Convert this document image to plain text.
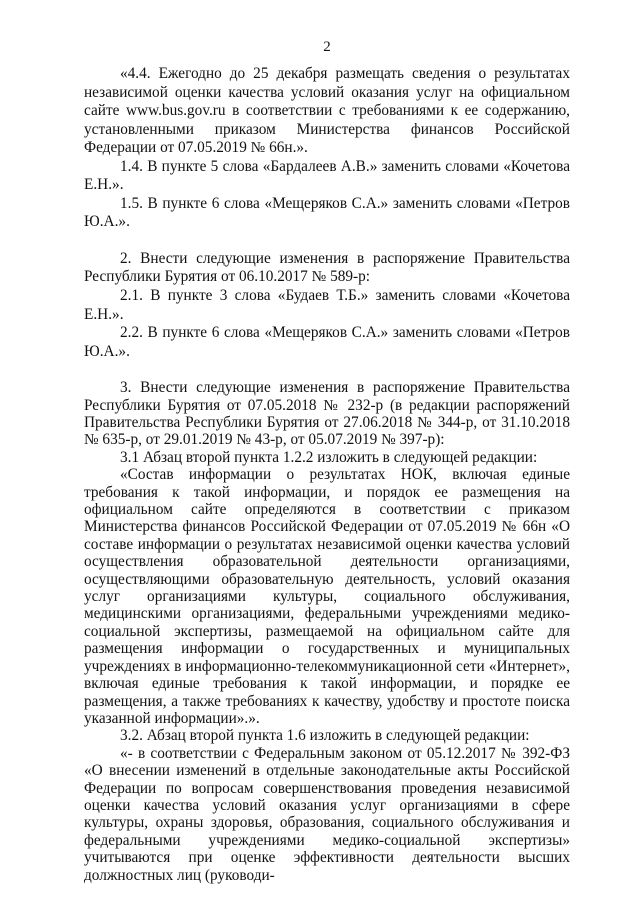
2

«4.4. Ежегодно до 25 декабря размещать сведения о результатах независимой оценки качества условий оказания услуг на официальном сайте www.bus.gov.ru в соответствии с требованиями к ее содержанию, установленными приказом Министерства финансов Российской Федерации от 07.05.2019 № 66н.».

1.4. В пункте 5 слова «Бардалеев А.В.» заменить словами «Кочетова Е.Н.».

1.5. В пункте 6 слова «Мещеряков С.А.» заменить словами «Петров Ю.А.».

2. Внести следующие изменения в распоряжение Правительства Республики Бурятия от 06.10.2017 № 589-р:

2.1. В пункте 3 слова «Будаев Т.Б.» заменить словами «Кочетова Е.Н.».

2.2. В пункте 6 слова «Мещеряков С.А.» заменить словами «Петров Ю.А.».

3. Внести следующие изменения в распоряжение Правительства Республики Бурятия от 07.05.2018 № 232-р (в редакции распоряжений Правительства Республики Бурятия от 27.06.2018 № 344-р, от 31.10.2018 № 635-р, от 29.01.2019 № 43-р, от 05.07.2019 № 397-р):

3.1 Абзац второй пункта 1.2.2 изложить в следующей редакции:

«Состав информации о результатах НОК, включая единые требования к такой информации, и порядок ее размещения на официальном сайте определяются в соответствии с приказом Министерства финансов Российской Федерации от 07.05.2019 № 66н «О составе информации о результатах независимой оценки качества условий осуществления образовательной деятельности организациями, осуществляющими образовательную деятельность, условий оказания услуг организациями культуры, социального обслуживания, медицинскими организациями, федеральными учреждениями медико-социальной экспертизы, размещаемой на официальном сайте для размещения информации о государственных и муниципальных учреждениях в информационно-телекоммуникационной сети «Интернет», включая единые требования к такой информации, и порядке ее размещения, а также требованиях к качеству, удобству и простоте поиска указанной информации».».

3.2. Абзац второй пункта 1.6 изложить в следующей редакции:

«- в соответствии с Федеральным законом от 05.12.2017 № 392-ФЗ «О внесении изменений в отдельные законодательные акты Российской Федерации по вопросам совершенствования проведения независимой оценки качества условий оказания услуг организациями в сфере культуры, охраны здоровья, образования, социального обслуживания и федеральными учреждениями медико-социальной экспертизы» учитываются при оценке эффективности деятельности высших должностных лиц (руководи-
